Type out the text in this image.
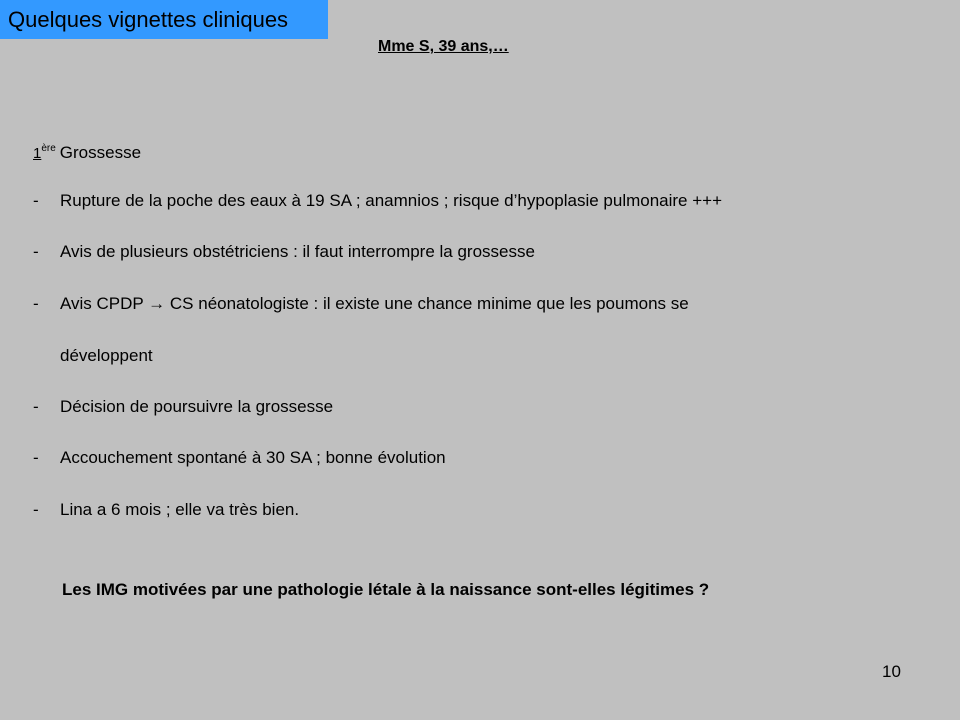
Quelques vignettes cliniques
Mme S, 39 ans,…
1ère Grossesse
- Rupture de la poche des eaux à 19 SA ; anamnios ; risque d’hypoplasie pulmonaire +++
- Avis de plusieurs obstétriciens : il faut interrompre la grossesse
- Avis CPDP → CS néonatologiste : il existe une chance minime que les poumons se
développent
- Décision de poursuivre la grossesse
- Accouchement spontané à 30 SA ; bonne évolution
- Lina a 6 mois ; elle va très bien.
Les IMG motivées par une pathologie létale à la naissance sont-elles légitimes ?
10
